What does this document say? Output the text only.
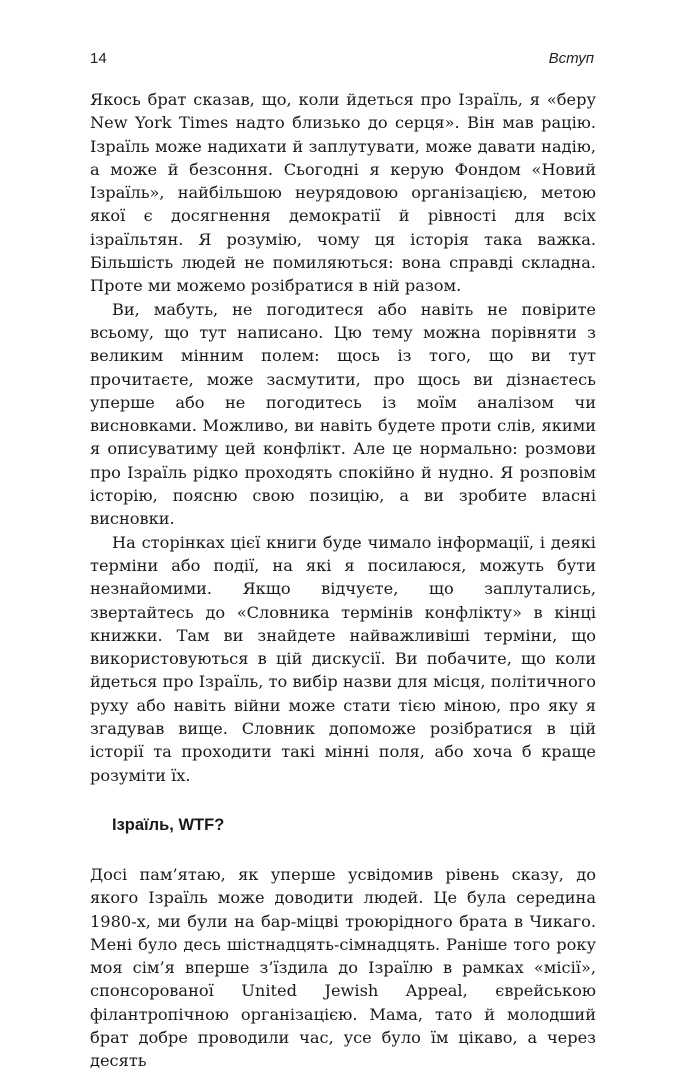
14	Вступ

Якось брат сказав, що, коли йдеться про Ізраїль, я «беру New York Times надто близько до серця». Він мав рацію. Ізраїль може надихати й заплутувати, може давати надію, а може й безсоння. Сьогодні я керую Фондом «Новий Ізраїль», найбільшою неурядовою організацією, метою якої є досягнення демократії й рівності для всіх ізраїльтян. Я розумію, чому ця історія така важка. Більшість людей не помиляються: вона справді складна. Проте ми можемо розібратися в ній разом.

Ви, мабуть, не погодитеся або навіть не повірите всьому, що тут написано. Цю тему можна порівняти з великим мінним полем: щось із того, що ви тут прочитаєте, може засмутити, про щось ви дізнаєтесь уперше або не погодитесь із моїм аналізом чи висновками. Можливо, ви навіть будете проти слів, якими я описуватиму цей конфлікт. Але це нормально: розмови про Ізраїль рідко проходять спокійно й нудно. Я розповім історію, поясню свою позицію, а ви зробите власні висновки.

На сторінках цієї книги буде чимало інформації, і деякі терміни або події, на які я посилаюся, можуть бути незнайомими. Якщо відчуєте, що заплутались, звертайтесь до «Словника термінів конфлікту» в кінці книжки. Там ви знайдете найважливіші терміни, що використовуються в цій дискусії. Ви побачите, що коли йдеться про Ізраїль, то вибір назви для місця, політичного руху або навіть війни може стати тією міною, про яку я згадував вище. Словник допоможе розібратися в цій історії та проходити такі мінні поля, або хоча б краще розуміти їх.

Ізраїль, WTF?

Досі пам’ятаю, як уперше усвідомив рівень сказу, до якого Ізраїль може доводити людей. Це була середина 1980-х, ми були на бар-міцві троюрідного брата в Чикаго. Мені було десь шістнадцять-сімнадцять. Раніше того року моя сім’я вперше з’їздила до Ізраїлю в рамках «місії», спонсорованої United Jewish Appeal, єврейською філантропічною організацією. Мама, тато й молодший брат добре проводили час, усе було їм цікаво, а через десять
